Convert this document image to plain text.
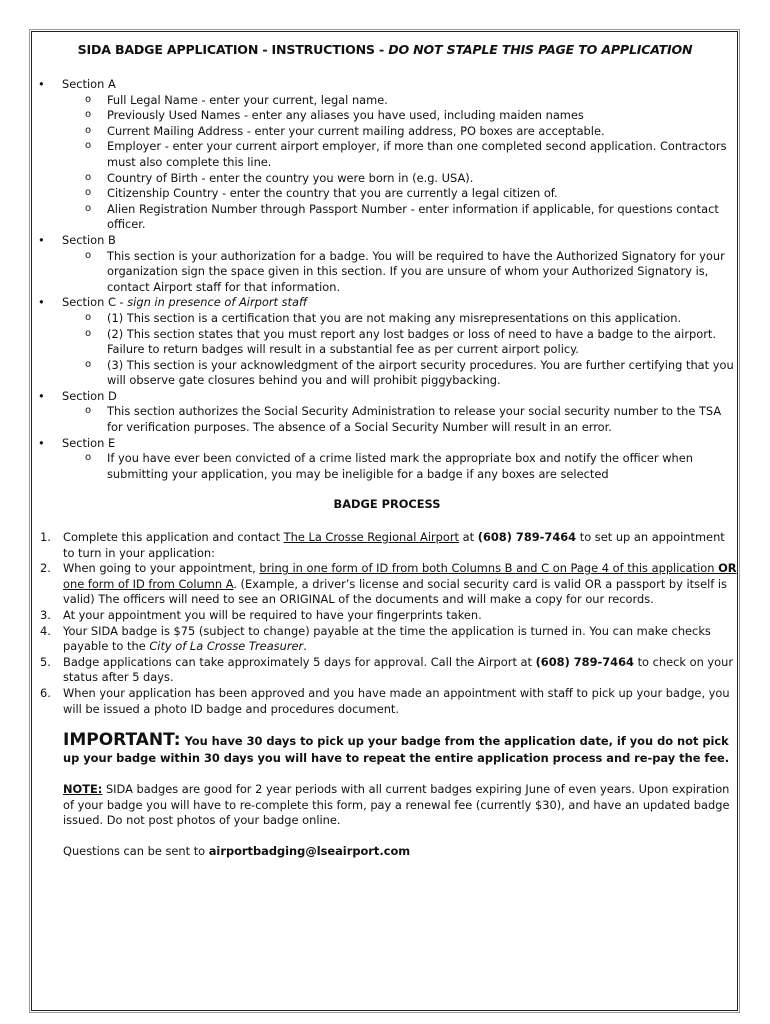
SIDA BADGE APPLICATION - INSTRUCTIONS - DO NOT STAPLE THIS PAGE TO APPLICATION
• Section A
o Full Legal Name - enter your current, legal name.
o Previously Used Names - enter any aliases you have used, including maiden names
o Current Mailing Address - enter your current mailing address, PO boxes are acceptable.
o Employer - enter your current airport employer, if more than one completed second application. Contractors must also complete this line.
o Country of Birth - enter the country you were born in (e.g. USA).
o Citizenship Country - enter the country that you are currently a legal citizen of.
o Alien Registration Number through Passport Number - enter information if applicable, for questions contact officer.
• Section B
o This section is your authorization for a badge. You will be required to have the Authorized Signatory for your organization sign the space given in this section. If you are unsure of whom your Authorized Signatory is, contact Airport staff for that information.
• Section C - sign in presence of Airport staff
o (1) This section is a certification that you are not making any misrepresentations on this application.
o (2) This section states that you must report any lost badges or loss of need to have a badge to the airport. Failure to return badges will result in a substantial fee as per current airport policy.
o (3) This section is your acknowledgment of the airport security procedures. You are further certifying that you will observe gate closures behind you and will prohibit piggybacking.
• Section D
o This section authorizes the Social Security Administration to release your social security number to the TSA for verification purposes. The absence of a Social Security Number will result in an error.
• Section E
o If you have ever been convicted of a crime listed mark the appropriate box and notify the officer when submitting your application, you may be ineligible for a badge if any boxes are selected
BADGE PROCESS
1. Complete this application and contact The La Crosse Regional Airport at (608) 789-7464 to set up an appointment to turn in your application:
2. When going to your appointment, bring in one form of ID from both Columns B and C on Page 4 of this application OR one form of ID from Column A. (Example, a driver’s license and social security card is valid OR a passport by itself is valid) The officers will need to see an ORIGINAL of the documents and will make a copy for our records.
3. At your appointment you will be required to have your fingerprints taken.
4. Your SIDA badge is $75 (subject to change) payable at the time the application is turned in. You can make checks payable to the City of La Crosse Treasurer.
5. Badge applications can take approximately 5 days for approval. Call the Airport at (608) 789-7464 to check on your status after 5 days.
6. When your application has been approved and you have made an appointment with staff to pick up your badge, you will be issued a photo ID badge and procedures document.
IMPORTANT: You have 30 days to pick up your badge from the application date, if you do not pick up your badge within 30 days you will have to repeat the entire application process and re-pay the fee.
NOTE: SIDA badges are good for 2 year periods with all current badges expiring June of even years. Upon expiration of your badge you will have to re-complete this form, pay a renewal fee (currently $30), and have an updated badge issued. Do not post photos of your badge online.
Questions can be sent to airportbadging@lseairport.com
